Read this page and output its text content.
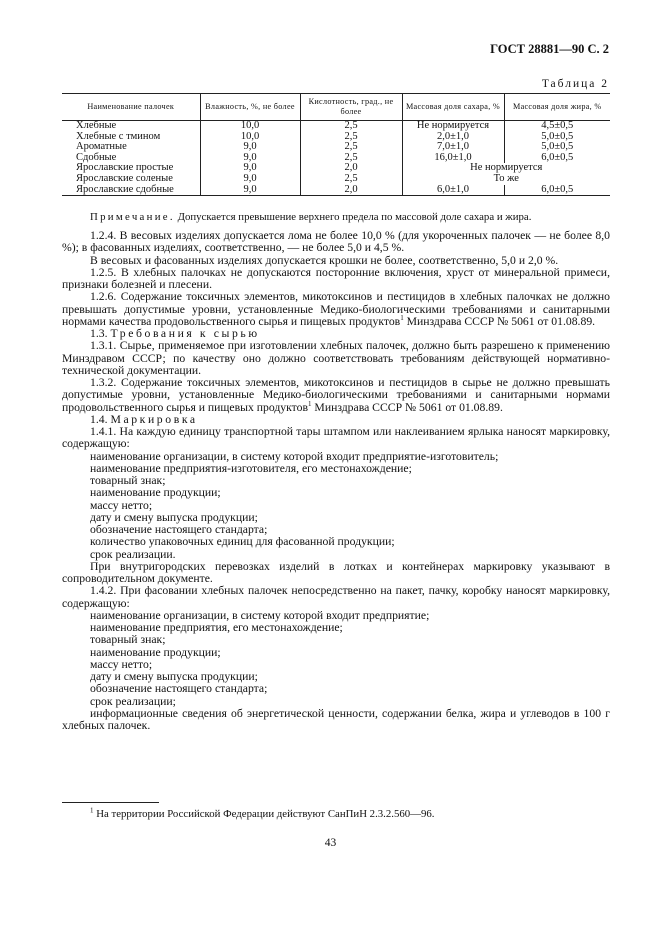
ГОСТ 28881—90 С. 2
Таблица 2
Наименование палочек	Влажность, %, не более	Кислотность, град., не более	Массовая доля сахара, %	Массовая доля жира, %
Хлебные	10,0	2,5	Не нормируется	4,5±0,5
Хлебные с тмином	10,0	2,5	2,0±1,0	5,0±0,5
Ароматные	9,0	2,5	7,0±1,0	5,0±0,5
Сдобные	9,0	2,5	16,0±1,0	6,0±0,5
Ярославские простые	9,0	2,0	Не нормируется	
Ярославские соленые	9,0	2,5	То же	
Ярославские сдобные	9,0	2,0	6,0±1,0	6,0±0,5
Примечание. Допускается превышение верхнего предела по массовой доле сахара и жира.

1.2.4. В весовых изделиях допускается лома не более 10,0 % (для укороченных палочек — не более 8,0 %); в фасованных изделиях, соответственно, — не более 5,0 и 4,5 %.

В весовых и фасованных изделиях допускается крошки не более, соответственно, 5,0 и 2,0 %.

1.2.5. В хлебных палочках не допускаются посторонние включения, хруст от минеральной примеси, признаки болезней и плесени.

1.2.6. Содержание токсичных элементов, микотоксинов и пестицидов в хлебных палочках не должно превышать допустимые уровни, установленные Медико-биологическими требованиями и санитарными нормами качества продовольственного сырья и пищевых продуктов$^1$ Минздрава СССР № 5061 от 01.08.89.

1.3. Требования к сырью

1.3.1. Сырье, применяемое при изготовлении хлебных палочек, должно быть разрешено к применению Минздравом СССР; по качеству оно должно соответствовать требованиям действующей нормативно-технической документации.

1.3.2. Содержание токсичных элементов, микотоксинов и пестицидов в сырье не должно превышать допустимые уровни, установленные Медико-биологическими требованиями и санитарными нормами продовольственного сырья и пищевых продуктов$^1$ Минздрава СССР № 5061 от 01.08.89.

1.4. Маркировка

1.4.1. На каждую единицу транспортной тары штампом или наклеиванием ярлыка наносят маркировку, содержащую:

наименование организации, в систему которой входит предприятие-изготовитель;

наименование предприятия-изготовителя, его местонахождение;

товарный знак;

наименование продукции;

массу нетто;

дату и смену выпуска продукции;

обозначение настоящего стандарта;

количество упаковочных единиц для фасованной продукции;

срок реализации.

При внутригородских перевозках изделий в лотках и контейнерах маркировку указывают в сопроводительном документе.

1.4.2. При фасовании хлебных палочек непосредственно на пакет, пачку, коробку наносят маркировку, содержащую:

наименование организации, в систему которой входит предприятие;

наименование предприятия, его местонахождение;

товарный знак;

наименование продукции;

массу нетто;

дату и смену выпуска продукции;

обозначение настоящего стандарта;

срок реализации;

информационные сведения об энергетической ценности, содержании белка, жира и углеводов в 100 г хлебных палочек.

$^1$ На территории Российской Федерации действуют СанПиН 2.3.2.560—96.
43
